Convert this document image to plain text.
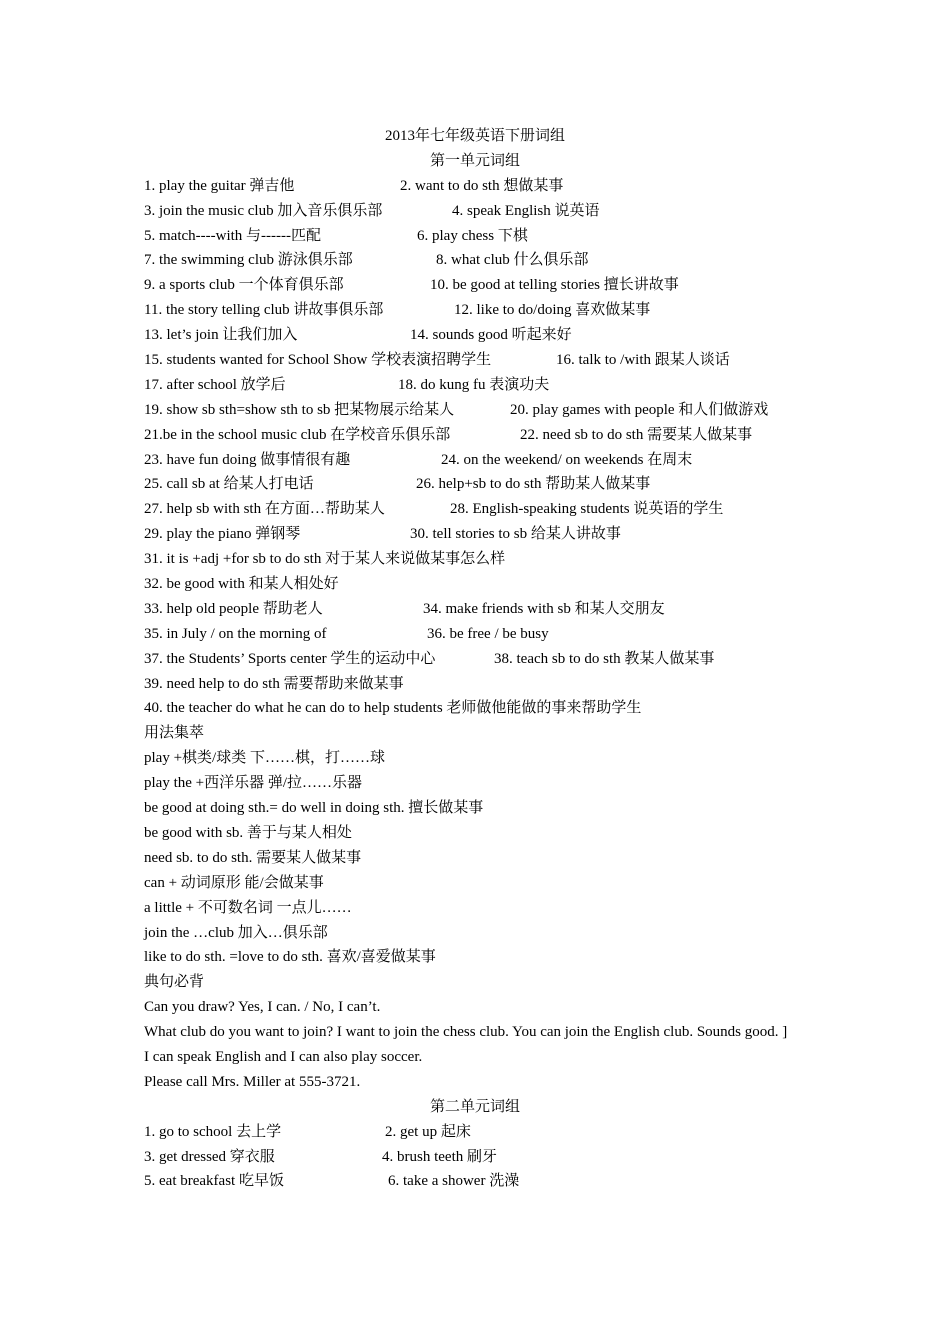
2013年七年级英语下册词组
第一单元词组
1. play the guitar 弹吉他	2. want to do sth 想做某事
3. join the music club 加入音乐俱乐部	4. speak English 说英语
5. match----with 与------匹配	6. play chess 下棋
7. the swimming club 游泳俱乐部	8. what club 什么俱乐部
9. a sports club 一个体育俱乐部	10. be good at telling stories 擅长讲故事
11. the story telling club 讲故事俱乐部	12. like to do/doing 喜欢做某事
13. let’s join 让我们加入	14. sounds good 听起来好
15. students wanted for School Show 学校表演招聘学生	16. talk to /with 跟某人谈话
17. after school 放学后	18. do kung fu 表演功夫
19. show sb sth=show sth to sb 把某物展示给某人	20. play games with people 和人们做游戏
21.be in the school music club 在学校音乐俱乐部	22. need sb to do sth 需要某人做某事
23. have fun doing 做事情很有趣	24. on the weekend/ on weekends 在周末
25. call sb at 给某人打电话	26. help+sb to do sth 帮助某人做某事
27. help sb with sth 在方面…帮助某人	28. English-speaking students 说英语的学生
29. play the piano 弹钢琴	30. tell stories to sb 给某人讲故事
31. it is +adj +for sb to do sth 对于某人来说做某事怎么样
32. be good with 和某人相处好
33. help old people 帮助老人	34. make friends with sb 和某人交朋友
35. in July / on the morning of	36. be free / be busy
37. the Students’ Sports center 学生的运动中心	38. teach sb to do sth 教某人做某事
39. need help to do sth 需要帮助来做某事
40. the teacher do what he can do to help students 老师做他能做的事来帮助学生
用法集萃
play +棋类/球类 下……棋，打……球
play the +西洋乐器 弹/拉……乐器
be good at doing sth.= do well in doing sth. 擅长做某事
be good with sb. 善于与某人相处
need sb. to do sth. 需要某人做某事
can + 动词原形 能/会做某事
a little + 不可数名词 一点儿……
join the …club 加入…俱乐部
like to do sth. =love to do sth. 喜欢/喜爱做某事
典句必背
Can you draw? Yes, I can. / No, I can’t.
What club do you want to join? I want to join the chess club. You can join the English club. Sounds good. ]
I can speak English and I can also play soccer.
Please call Mrs. Miller at 555-3721.
第二单元词组
1. go to school 去上学	2. get up 起床
3. get dressed 穿衣服	4. brush teeth 刷牙
5. eat breakfast 吃早饭	6. take a shower 洗澡
